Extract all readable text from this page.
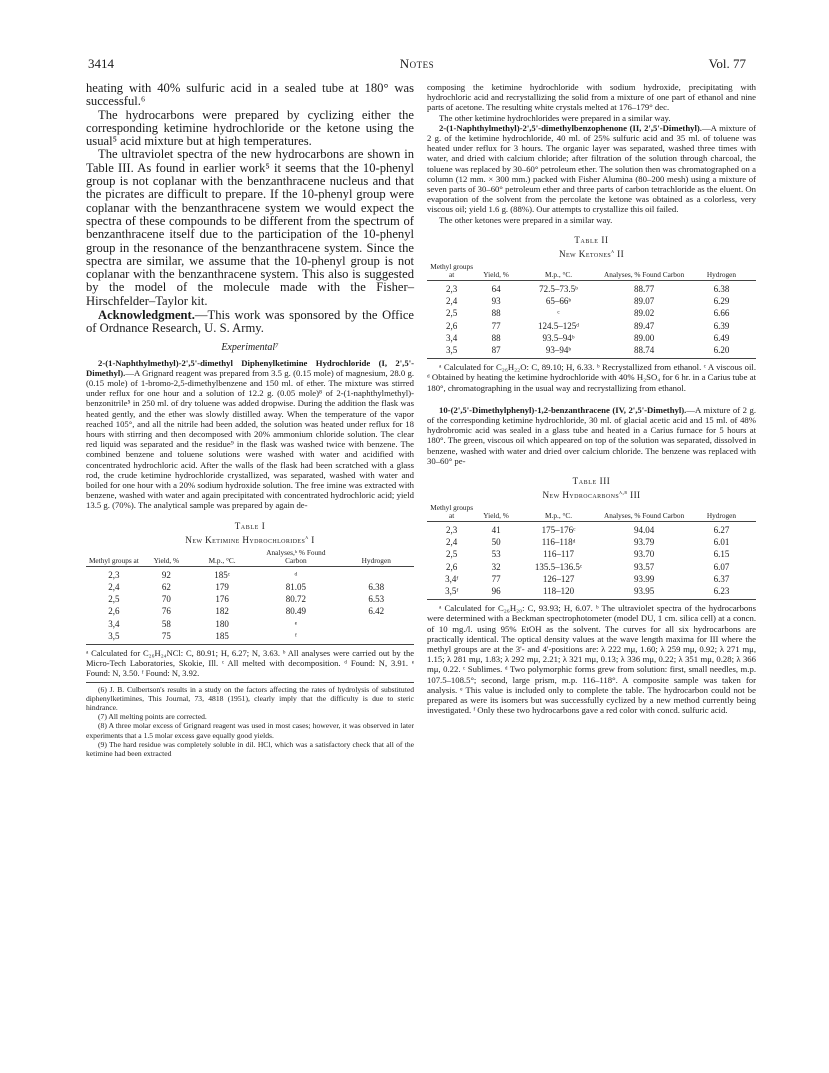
3414	Notes	Vol. 77

heating with 40% sulfuric acid in a sealed tube at 180° was successful.⁶

The hydrocarbons were prepared by cyclizing either the corresponding ketimine hydrochloride or the ketone using the usual⁵ acid mixture but at high temperatures.

The ultraviolet spectra of the new hydrocarbons are shown in Table III. As found in earlier work⁵ it seems that the 10-phenyl group is not coplanar with the benzanthracene nucleus and that the picrates are difficult to prepare. If the 10-phenyl group were coplanar with the benzanthracene system we would expect the spectra of these compounds to be different from the spectrum of benzanthracene itself due to the participation of the 10-phenyl group in the resonance of the benzanthracene system. Since the spectra are similar, we assume that the 10-phenyl group is not coplanar with the benzanthracene system. This also is suggested by the model of the molecule made with the Fisher–Hirschfelder–Taylor kit.

Acknowledgment.—This work was sponsored by the Office of Ordnance Research, U. S. Army.

Experimental⁷

2-(1-Naphthylmethyl)-2',5'-dimethyl Diphenylketimine Hydrochloride (I, 2',5'-Dimethyl).—A Grignard reagent was prepared from 3.5 g. (0.15 mole) of magnesium, 28.0 g. (0.15 mole) of 1-bromo-2,5-dimethylbenzene and 150 ml. of ether. The mixture was stirred under reflux for one hour and a solution of 12.2 g. (0.05 mole)⁸ of 2-(1-naphthylmethyl)-benzonitrile⁵ in 250 ml. of dry toluene was added dropwise. During the addition the flask was heated gently, and the ether was slowly distilled away. When the temperature of the vapor reached 105°, and all the nitrile had been added, the solution was heated under reflux for 18 hours with stirring and then decomposed with 20% ammonium chloride solution. The clear red liquid was separated and the residue⁹ in the flask was washed twice with benzene. The combined benzene and toluene solutions were washed with water and acidified with concentrated hydrochloric acid. After the walls of the flask had been scratched with a glass rod, the crude ketimine hydrochloride crystallized, was separated, washed with water and boiled for one hour with a 20% sodium hydroxide solution. The free imine was extracted with benzene, washed with water and again precipitated with concentrated hydrochloric acid; yield 13.5 g. (70%). The analytical sample was prepared by again de-

Table I
New Ketimine Hydrochlorides$^a$ I
Methyl groups at	Yield, %	M.p., °C.	Analyses,ᵇ % Found Carbon	Hydrogen
2,3	92	185ᶜ	ᵈ	
2,4	62	179	81.05	6.38
2,5	70	176	80.72	6.53
2,6	76	182	80.49	6.42
3,4	58	180	ᵉ	
3,5	75	185	ᶠ	

ᵃ Calculated for C₂₆H₂₄NCl: C, 80.91; H, 6.27; N, 3.63. ᵇ All analyses were carried out by the Micro-Tech Laboratories, Skokie, Ill. ᶜ All melted with decomposition. ᵈ Found: N, 3.91. ᵉ Found: N, 3.50. ᶠ Found: N, 3.92.

(6) J. B. Culbertson's results in a study on the factors affecting the rates of hydrolysis of substituted diphenylketimines, This Journal, 73, 4818 (1951), clearly imply that the difficulty is due to steric hindrance.

(7) All melting points are corrected.

(8) A three molar excess of Grignard reagent was used in most cases; however, it was observed in later experiments that a 1.5 molar excess gave equally good yields.

(9) The hard residue was completely soluble in dil. HCl, which was a satisfactory check that all of the ketimine had been extracted

composing the ketimine hydrochloride with sodium hydroxide, precipitating with hydrochloric acid and recrystallizing the solid from a mixture of one part of ethanol and nine parts of acetone. The resulting white crystals melted at 176–179° dec.

The other ketimine hydrochlorides were prepared in a similar way.

2-(1-Naphthylmethyl)-2',5'-dimethylbenzophenone (II, 2',5'-Dimethyl).—A mixture of 2 g. of the ketimine hydrochloride, 40 ml. of 25% sulfuric acid and 35 ml. of toluene was heated under reflux for 3 hours. The organic layer was separated, washed three times with water, and dried with calcium chloride; after filtration of the solution through charcoal, the toluene was replaced by 30–60° petroleum ether. The solution then was chromatographed on a column (12 mm. × 300 mm.) packed with Fisher Alumina (80–200 mesh) using a mixture of seven parts of 30–60° petroleum ether and three parts of carbon tetrachloride as the eluent. On evaporation of the solvent from the percolate the ketone was obtained as a colorless, very viscous oil; yield 1.6 g. (88%). Our attempts to crystallize this oil failed.

The other ketones were prepared in a similar way.

Table II
New Ketones$^a$ II
Methyl groups at	Yield, %	M.p., °C.	Analyses, % Found Carbon	Hydrogen
2,3	64	72.5–73.5ᵇ	88.77	6.38
2,4	93	65–66ᵇ	89.07	6.29
2,5	88	ᶜ	89.02	6.66
2,6	77	124.5–125ᵈ	89.47	6.39
3,4	88	93.5–94ᵇ	89.00	6.49
3,5	87	93–94ᵇ	88.74	6.20

ᵃ Calculated for C₂₆H₂₂O: C, 89.10; H, 6.33. ᵇ Recrystallized from ethanol. ᶜ A viscous oil. ᵈ Obtained by heating the ketimine hydrochloride with 40% H₂SO₄ for 6 hr. in a Carius tube at 180°, chromatographing in the usual way and recrystallizing from ethanol.

10-(2',5'-Dimethylphenyl)-1,2-benzanthracene (IV, 2',5'-Dimethyl).—A mixture of 2 g. of the corresponding ketimine hydrochloride, 30 ml. of glacial acetic acid and 15 ml. of 48% hydrobromic acid was sealed in a glass tube and heated in a Carius furnace for 5 hours at 180°. The green, viscous oil which appeared on top of the solution was separated, dissolved in benzene, washed with water and dried over calcium chloride. The benzene was replaced with 30–60° pe-

Table III
New Hydrocarbons$^{a,b}$ III
Methyl groups at	Yield, %	M.p., °C.	Analyses, % Found Carbon	Hydrogen
2,3	41	175–176ᶜ	94.04	6.27
2,4	50	116–118ᵈ	93.79	6.01
2,5	53	116–117	93.70	6.15
2,6	32	135.5–136.5ᶜ	93.57	6.07
3,4ᶠ	77	126–127	93.99	6.37
3,5ᶠ	96	118–120	93.95	6.23

ᵃ Calculated for C₂₆H₂₀: C, 93.93; H, 6.07. ᵇ The ultraviolet spectra of the hydrocarbons were determined with a Beckman spectrophotometer (model DU, 1 cm. silica cell) at a concn. of 10 mg./l. using 95% EtOH as the solvent. The curves for all six hydrocarbons are practically identical. The optical density values at the wave length maxima for III where the methyl groups are at the 3'- and 4'-positions are: λ 222 mμ, 1.60; λ 259 mμ, 0.92; λ 271 mμ, 1.15; λ 281 mμ, 1.83; λ 292 mμ, 2.21; λ 321 mμ, 0.13; λ 336 mμ, 0.22; λ 351 mμ, 0.28; λ 366 mμ, 0.22. ᶜ Sublimes. ᵈ Two polymorphic forms grew from solution: first, small needles, m.p. 107.5–108.5°; second, large prism, m.p. 116–118°. A composite sample was taken for analysis. ᵉ This value is included only to complete the table. The hydrocarbon could not be prepared as were its isomers but was successfully cyclized by a new method currently being investigated. ᶠ Only these two hydrocarbons gave a red color with concd. sulfuric acid.
